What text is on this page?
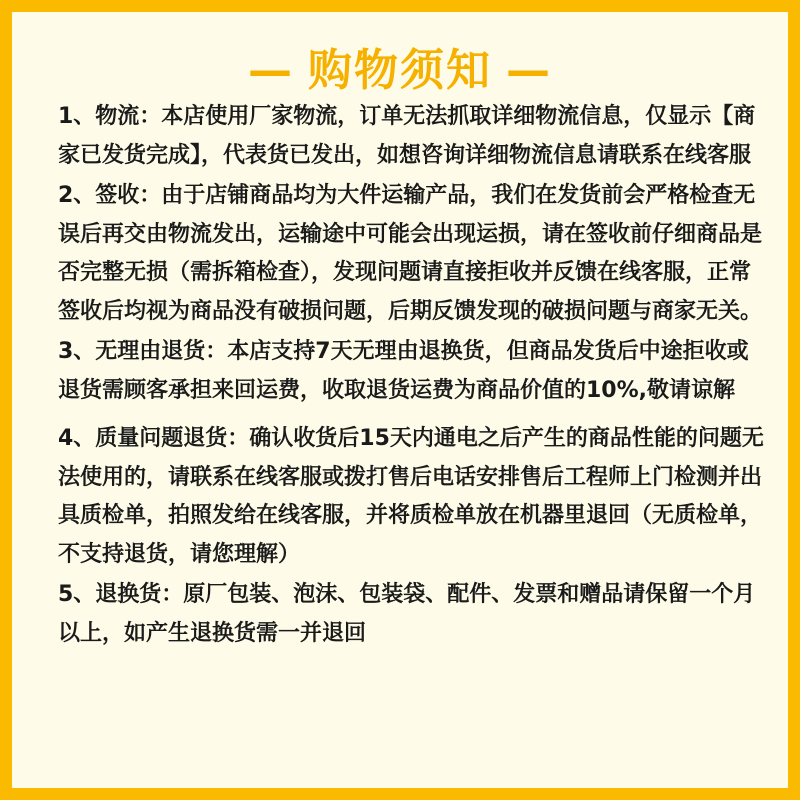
— 购物须知 —
1、物流：本店使用厂家物流，订单无法抓取详细物流信息，仅显示【商家已发货完成】，代表货已发出，如想咨询详细物流信息请联系在线客服
2、签收：由于店铺商品均为大件运输产品，我们在发货前会严格检查无误后再交由物流发出，运输途中可能会出现运损，请在签收前仔细商品是否完整无损（需拆箱检查），发现问题请直接拒收并反馈在线客服，正常签收后均视为商品没有破损问题，后期反馈发现的破损问题与商家无关。
3、无理由退货：本店支持7天无理由退换货，但商品发货后中途拒收或退货需顾客承担来回运费，收取退货运费为商品价值的10%,敬请谅解
4、质量问题退货：确认收货后15天内通电之后产生的商品性能的问题无法使用的，请联系在线客服或拨打售后电话安排售后工程师上门检测并出具质检单，拍照发给在线客服，并将质检单放在机器里退回（无质检单，不支持退货，请您理解）
5、退换货：原厂包装、泡沫、包装袋、配件、发票和赠品请保留一个月以上，如产生退换货需一并退回
